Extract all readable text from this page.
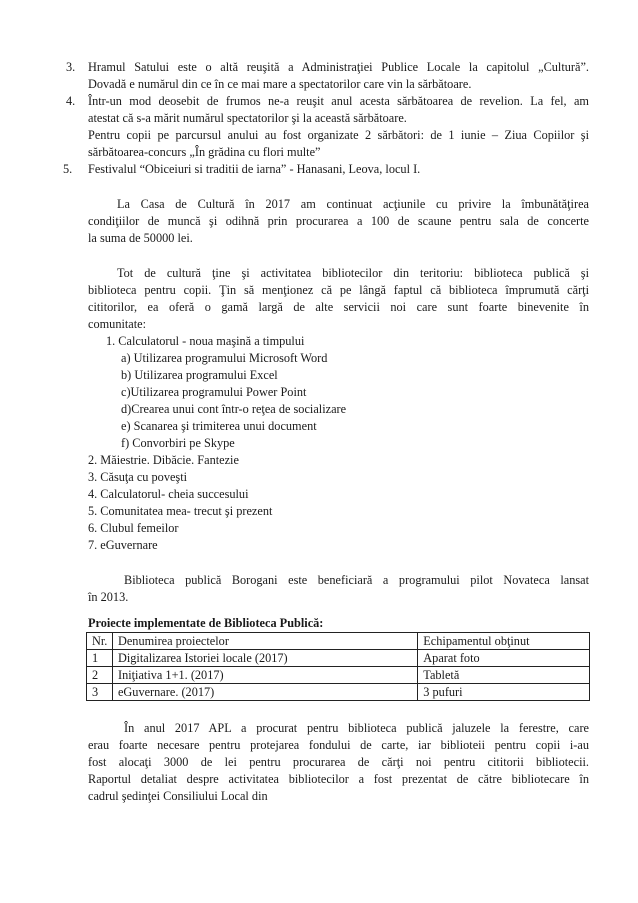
3. Hramul Satului este o altă reuşită a Administraţiei Publice Locale la capitolul „Cultură”.
Dovadă e numărul din ce în ce mai mare a spectatorilor care vin la sărbătoare.
4. Într-un mod deosebit de frumos ne-a reuşit anul acesta sărbătoarea de revelion. La fel, am
atestat că s-a mărit numărul spectatorilor şi la această sărbătoare.
Pentru copii pe parcursul anului au fost organizate 2 sărbători: de 1 iunie – Ziua Copiilor şi
sărbătoarea-concurs „În grădina cu flori multe”
5. Festivalul “Obiceiuri si traditii de iarna” - Hanasani, Leova, locul I.
La Casa de Cultură în 2017 am continuat acţiunile cu privire la îmbunătăţirea
condiţiilor de muncă şi odihnă prin procurarea a 100 de scaune pentru sala de concerte
la suma de 50000 lei.
Tot de cultură ţine şi activitatea bibliotecilor din teritoriu: biblioteca publică şi
biblioteca pentru copii. Ţin să menţionez că pe lângă faptul că biblioteca împrumută cărţi
cititorilor, ea oferă o gamă largă de alte servicii noi care sunt foarte binevenite în
comunitate:
1. Calculatorul - noua maşină a timpului
a) Utilizarea programului Microsoft Word
b) Utilizarea programului Excel
c)Utilizarea programului Power Point
d)Crearea unui cont într-o reţea de socializare
e) Scanarea şi trimiterea unui document
f) Convorbiri pe Skype
2. Măiestrie. Dibăcie. Fantezie
3. Căsuţa cu poveşti
4. Calculatorul- cheia succesului
5. Comunitatea mea- trecut şi prezent
6. Clubul femeilor
7. eGuvernare
Biblioteca publică Borogani este beneficiară a programului pilot Novateca lansat
în 2013.
Proiecte implementate de Biblioteca Publică:
Nr.	Denumirea proiectelor	Echipamentul obţinut
1	Digitalizarea Istoriei locale (2017)	Aparat foto
2	Iniţiativa 1+1. (2017)	Tabletă
3	eGuvernare. (2017)	3 pufuri
În anul 2017 APL a procurat pentru biblioteca publică jaluzele la ferestre, care
erau foarte necesare pentru protejarea fondului de carte, iar biblioteii pentru copii i-au
fost alocaţi 3000 de lei pentru procurarea de cărţi noi pentru cititorii bibliotecii.
Raportul detaliat despre activitatea bibliotecilor a fost prezentat de către bibliotecare în
cadrul şedinţei Consiliului Local din
